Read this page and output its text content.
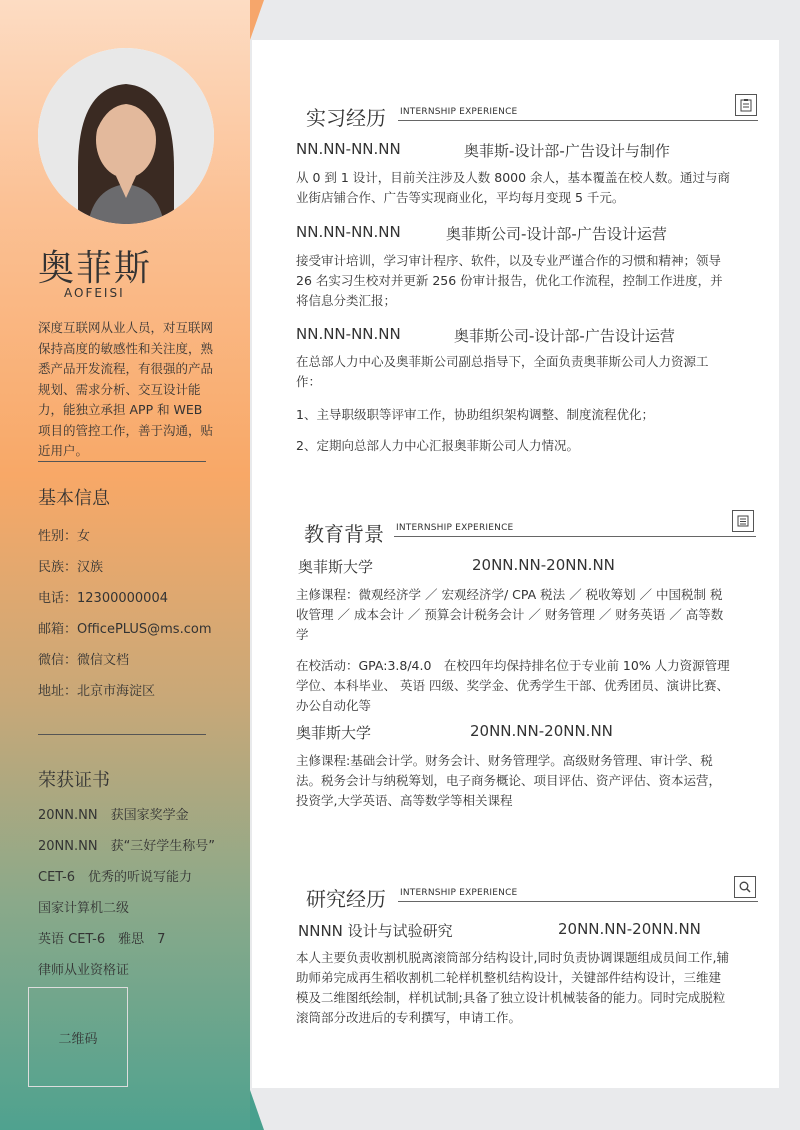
奥菲斯
AOFEISI
深度互联网从业人员，对互联网保持高度的敏感性和关注度，熟悉产品开发流程，有很强的产品规划、需求分析、交互设计能力，能独立承担 APP 和 WEB 项目的管控工作，善于沟通，贴近用户。
基本信息
性别：女
民族：汉族
电话：12300000004
邮箱：OfficePLUS@ms.com
微信：微信文档
地址：北京市海淀区
荣获证书
20NN.NN　获国家奖学金
20NN.NN　获“三好学生称号”
CET-6　优秀的听说写能力
国家计算机二级
英语 CET-6　雅思　7
律师从业资格证
二维码
实习经历 INTERNSHIP EXPERIENCE
NN.NN-NN.NN	奥菲斯-设计部-广告设计与制作
从 0 到 1 设计，目前关注涉及人数 8000 余人，基本覆盖在校人数。通过与商业街店铺合作、广告等实现商业化，平均每月变现 5 千元。
NN.NN-NN.NN	奥菲斯公司-设计部-广告设计运营
接受审计培训，学习审计程序、软件，以及专业严谨合作的习惯和精神；领导 26 名实习生校对并更新 256 份审计报告，优化工作流程，控制工作进度，并将信息分类汇报；
NN.NN-NN.NN	奥菲斯公司-设计部-广告设计运营
在总部人力中心及奥菲斯公司副总指导下，全面负责奥菲斯公司人力资源工作：
1、主导职级职等评审工作，协助组织架构调整、制度流程优化；
2、定期向总部人力中心汇报奥菲斯公司人力情况。
教育背景 INTERNSHIP EXPERIENCE
奥菲斯大学	20NN.NN-20NN.NN
主修课程：微观经济学 ／ 宏观经济学/ CPA 税法 ／ 税收筹划 ／ 中国税制 税收管理 ／ 成本会计 ／ 预算会计税务会计 ／ 财务管理 ／ 财务英语 ／ 高等数学
在校活动：GPA:3.8/4.0　在校四年均保持排名位于专业前 10% 人力资源管理学位、本科毕业、 英语 四级、奖学金、优秀学生干部、优秀团员、演讲比赛、办公自动化等
奥菲斯大学	20NN.NN-20NN.NN
主修课程:基础会计学。财务会计、财务管理学。高级财务管理、审计学、税法。税务会计与纳税筹划，电子商务概论、项目评估、资产评估、资本运营，投资学,大学英语、高等数学等相关课程
研究经历 INTERNSHIP EXPERIENCE
NNNN 设计与试验研究	20NN.NN-20NN.NN
本人主要负责收割机脱离滚筒部分结构设计,同时负责协调课题组成员间工作,辅助师弟完成再生稻收割机二轮样机整机结构设计，关键部件结构设计，三维建模及二维图纸绘制，样机试制;具备了独立设计机械装备的能力。同时完成脱粒滚筒部分改进后的专利撰写，申请工作。
